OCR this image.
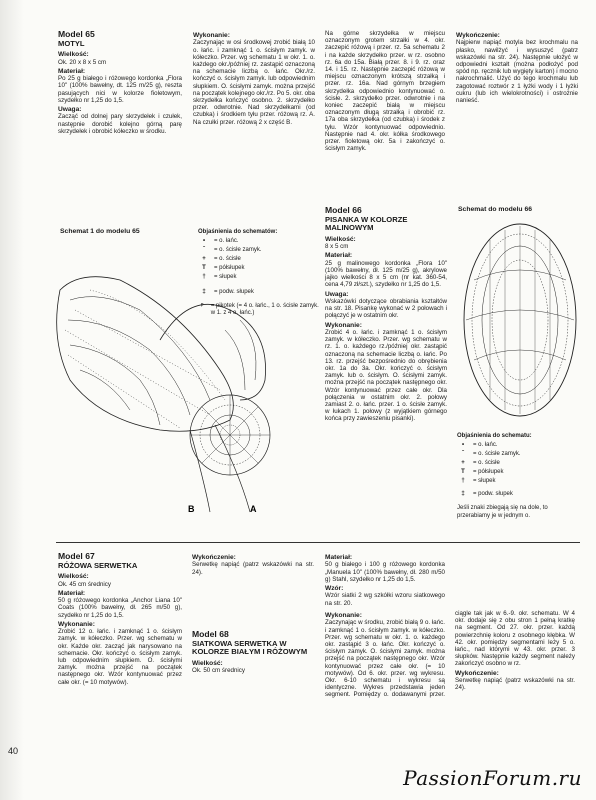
Model 65
MOTYL
Wielkość:

Ok. 20 x 8 x 5 cm

Materiał:

Po 25 g białego i różowego kordonka „Flora 10" (100% bawełny, dt. 125 m/25 g), reszta pasujących nici w kolorze fioletowym, szydełko nr 1,25 do 1,5.

Uwaga:

Zacząć od dolnej pary skrzydełek i czułek, następnie dorobić kolejno górną parę skrzydełek i obrobić kółeczko w środku.

Wykonanie:

Zaczynając w osi środkowej zrobić białą 10 o. łańc. i zamknąć 1 o. ścisłym zamyk. w kółeczko. Przer. wg schematu 1 w okr. 1. o. każdego okr./później rz. zastąpić oznaczoną na schemacie liczbą o. łańc. Okr./rz. kończyć o. ścisłym zamyk. lub odpowiednim słupkiem. O. ścisłymi zamyk. można przejść na początek kolejnego okr./rz. Po 5. okr. oba skrzydełka kończyć osobno. 2. skrzydełko przer. odwrotnie. Nad skrzydełkami (od czubka) i środkiem tyłu przer. różową rz. A. Na czułki przer. różową 2 x część B.

Na górne skrzydełka w miejscu oznaczonym grotem strzałki w 4. okr. zaczepić różową i przer. rz. 5a schematu 2 i na każde skrzydełko przer. w rz. osobno rz. 6a do 15a. Białą przer. 8. i 9. rz. oraz 14. i 15. rz. Następnie zaczepić różową w miejscu oznaczonym krótszą strzałką i przer. rz. 16a. Nad górnym brzegiem skrzydełka odpowiednio kontynuować o. ścisłe. 2. skrzydełko przer. odwrotnie i na koniec zaczepić białą w miejscu oznaczonym długą strzałką i obrobić rz. 17a oba skrzydełka (od czubka) i środek z tyłu. Wzór kontynuować odpowiednio. Następnie nad 4. okr. kółka środkowego przer. fioletową okr. 5a i zakończyć o. ścisłym zamyk.

Wykończenie:

Najpierw napiąć motyla bez krochmalu na płasko, nawilżyć i wysuszyć (patrz wskazówki na str. 24). Następnie ułożyć w odpowiedni kształt (można podłożyć pod spód np. ręcznik lub wygięty karton) i mocno nakrochmalić. Użyć do tego krochmalu lub zagotować roztwór z 1 łyżki wody i 1 łyżki cukru (lub ich wielokrotności) i ostrożnie nanieść.

Schemat 1 do modelu 65	Objaśnienia do schematów:
•	= o. łańc.
ˆ	= o. ścisłe zamyk.
+	= o. ścisłe
T	= półsłupek
†	= słupek
‡	= podw. słupek
ᵖ	= pikotek (= 4 o. łańc., 1 o. ścisłe zamyk. w 1. z 4 o. łańc.)
A
B
Model 66
PISANKA W KOLORZE MALINOWYM
Wielkość:

8 x 5 cm

Materiał:

25 g malinowego kordonka „Flora 10" (100% bawełny, dł. 125 m/25 g), akrylowe jajko wielkości 8 x 5 cm (nr kat. 360-54, cena 4,79 zł/szt.), szydełko nr 1,25 do 1,5.

Uwaga:

Wskazówki dotyczące obrabiania kształtów na str. 18. Pisankę wykonać w 2 połowach i połączyć je w ostatnim okr.

Wykonanie:

Zrobić 4 o. łańc. i zamknąć 1 o. ścisłym zamyk. w kółeczko. Przer. wg schematu w rz. 1. o. każdego rz./później okr. zastąpić oznaczoną na schemacie liczbą o. łańc. Po 13. rz. przejść bezpośrednio do obrębienia okr. 1a do 3a. Okr. kończyć o. ścisłym zamyk. lub o. ścisłym. O. ścisłymi zamyk. można przejść na początek następnego okr. Wzór kontynuować przez całe okr. Dla połączenia w ostatnim okr. 2. połowy zamiast 2. o. łańc. przer. 1 o. ścisłe zamyk. w łukach 1. połowy (z wyjątkiem górnego końca przy zawieszeniu pisanki).

Schemat do modelu 66
Objaśnienia do schematu:
•	= o. łańc.
ˆ	= o. ścisłe zamyk.
+	= o. ścisłe
T	= półsłupek
†	= słupek
‡	= podw. słupek

Jeśli znaki zbiegają się na dole, to przerabiamy je w jednym o.

Model 67
RÓŻOWA SERWETKA
Wielkość:

Ok. 45 cm średnicy

Materiał:

50 g różowego kordonka „Anchor Liana 10" Coats (100% bawełny, dł. 265 m/50 g), szydełko nr 1,25 do 1,5.

Wykonanie:

Zrobić 12 o. łańc. i zamknąć 1 o. ścisłym zamyk. w kółeczko. Przer. wg schematu w okr. Każde okr. zacząć jak narysowano na schemacie. Okr. kończyć o. ścisłym zamyk. lub odpowiednim słupkiem. O. ścisłymi zamyk. można przejść na początek następnego okr. Wzór kontynuować przez całe okr. (= 10 motywów).

Wykończenie:

Serwetkę napiąć (patrz wskazówki na str. 24).

Model 68
SIATKOWA SERWETKA W KOLORZE BIAŁYM I RÓŻOWYM
Wielkość:

Ok. 50 cm średnicy

Materiał:

50 g białego i 100 g różowego kordonka „Manuela 10" (100% bawełny, dł. 280 m/50 g) Stahl, szydełko nr 1,25 do 1,5.

Wzór:

Wzór siatki 2 wg szkółki wzoru siatkowego na str. 20.

Wykonanie:

Zaczynając w środku, zrobić białą 9 o. łańc. i zamknąć 1 o. ścisłym zamyk. w kółeczko. Przer. wg schematu w okr. 1. o. każdego okr. zastąpić 3 o. łańc. Okr. kończyć o. ścisłym zamyk. O. ścisłymi zamyk. można przejść na początek następnego okr. Wzór kontynuować przez całe okr. (= 10 motywów). Od 6. okr. przer. wg wykresu. Okr. 6-10 schematu i wykresu są identyczne. Wykres przedstawia jeden segment. Pomiędzy o. dodawanymi przer. ciągle tak jak w 6.-9. okr. schematu. W 4 okr. dodaje się z obu stron 1 pełną kratkę na segment. Od 27. okr. przer. każdą powierzchnię koloru z osobnego kłębka. W 42. okr. pomiędzy segmentami leży 5 o. łańc., nad którymi w 43. okr. przer. 3 słupków. Następnie każdy segment należy zakończyć osobno w rz.

Wykończenie:

Serwetkę napiąć (patrz wskazówki na str. 24).

40
PassionForum.ru
